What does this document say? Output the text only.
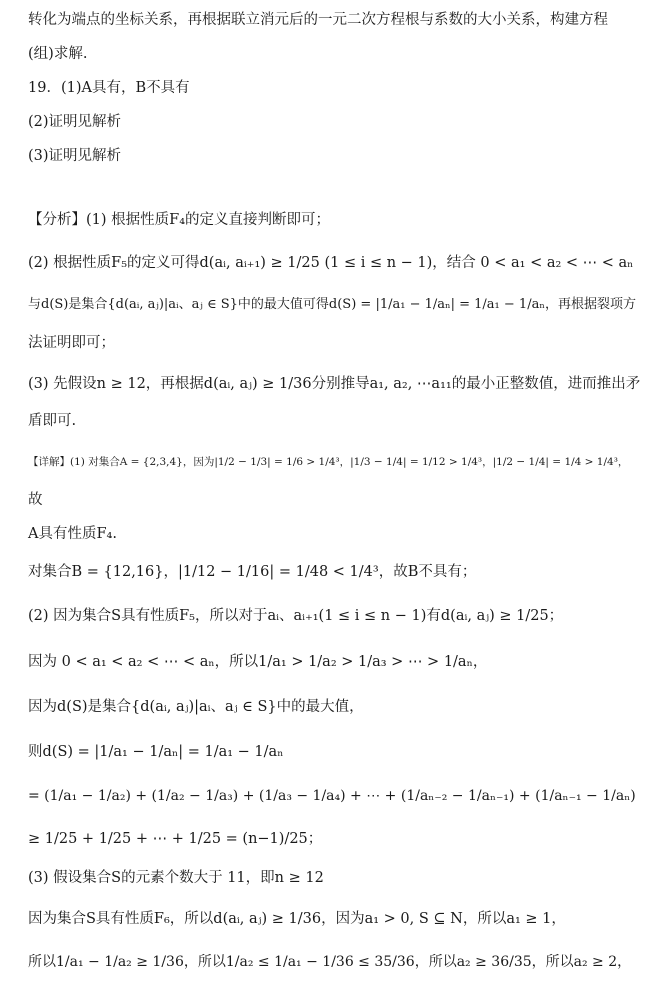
转化为端点的坐标关系，再根据联立消元后的一元二次方程根与系数的大小关系，构建方程
(组)求解.
19．(1)A具有，B不具有
(2)证明见解析
(3)证明见解析
【分析】(1) 根据性质F₄的定义直接判断即可；
(2) 根据性质F₅的定义可得d(aᵢ, aᵢ₊₁) ≥ 1/25 (1 ≤ i ≤ n − 1)，结合 0 < a₁ < a₂ < ⋯ < aₙ
与d(S)是集合{d(aᵢ, aⱼ)|aᵢ、aⱼ ∈ S}中的最大值可得d(S) = |1/a₁ − 1/aₙ| = 1/a₁ − 1/aₙ，再根据裂项方
法证明即可；
(3) 先假设n ≥ 12，再根据d(aᵢ, aⱼ) ≥ 1/36分别推导a₁, a₂, ⋯a₁₁的最小正整数值，进而推出矛
盾即可.
【详解】(1) 对集合A = {2,3,4}，因为|1/2 − 1/3| = 1/6 > 1/4³，|1/3 − 1/4| = 1/12 > 1/4³，|1/2 − 1/4| = 1/4 > 1/4³，
故
A具有性质F₄.
对集合B = {12,16}，|1/12 − 1/16| = 1/48 < 1/4³，故B不具有；
(2) 因为集合S具有性质F₅，所以对于aᵢ、aᵢ₊₁(1 ≤ i ≤ n − 1)有d(aᵢ, aⱼ) ≥ 1/25；
因为 0 < a₁ < a₂ < ⋯ < aₙ，所以1/a₁ > 1/a₂ > 1/a₃ > ⋯ > 1/aₙ，
因为d(S)是集合{d(aᵢ, aⱼ)|aᵢ、aⱼ ∈ S}中的最大值，
则d(S) = |1/a₁ − 1/aₙ| = 1/a₁ − 1/aₙ
= (1/a₁ − 1/a₂) + (1/a₂ − 1/a₃) + (1/a₃ − 1/a₄) + ⋯ + (1/aₙ₋₂ − 1/aₙ₋₁) + (1/aₙ₋₁ − 1/aₙ)
≥ 1/25 + 1/25 + ⋯ + 1/25 = (n−1)/25；
(3) 假设集合S的元素个数大于 11，即n ≥ 12
因为集合S具有性质F₆，所以d(aᵢ, aⱼ) ≥ 1/36，因为a₁ > 0, S ⊆ N，所以a₁ ≥ 1，
所以1/a₁ − 1/a₂ ≥ 1/36，所以1/a₂ ≤ 1/a₁ − 1/36 ≤ 35/36，所以a₂ ≥ 36/35，所以a₂ ≥ 2，
